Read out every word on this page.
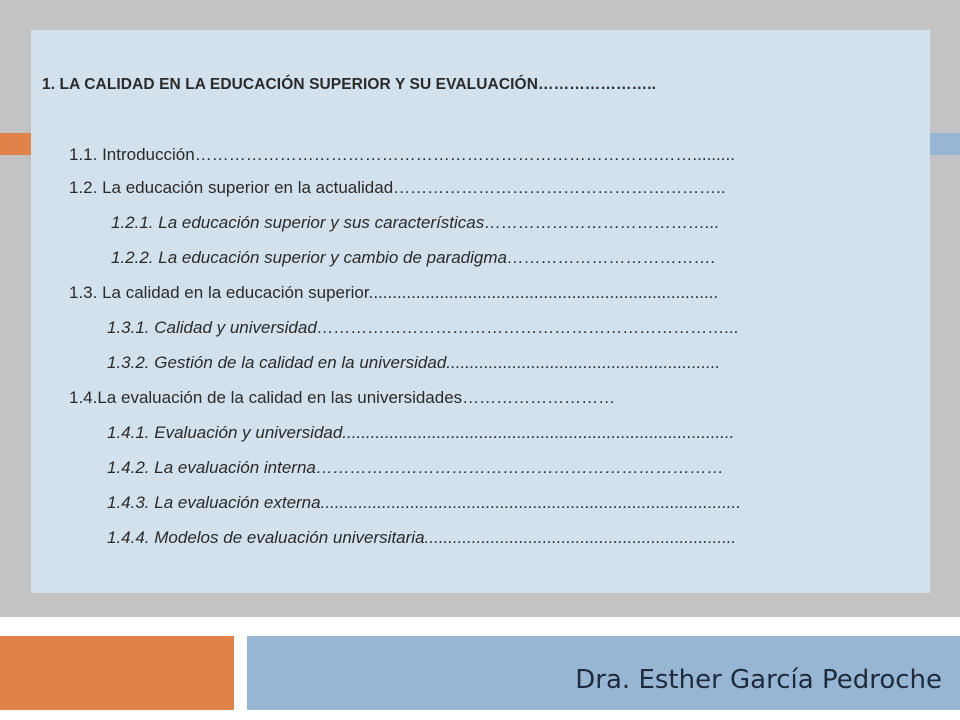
1. LA CALIDAD EN LA EDUCACIÓN SUPERIOR Y SU EVALUACIÓN…………………..
1.1. Introducción……………………………………………………………………….…….........
1.2. La educación superior en la actualidad…………………………………………………..
1.2.1. La educación superior y sus características…………………………………...
1.2.2. La educación superior y cambio de paradigma……………………………….
1.3. La calidad en la educación superior..........................................................................
1.3.1. Calidad y universidad………………………………………………………………...
1.3.2. Gestión de la calidad en la universidad..........................................................
1.4.La evaluación de la calidad en las universidades………………………
1.4.1. Evaluación y universidad...................................................................................
1.4.2. La evaluación interna………………………………………………………………
1.4.3. La evaluación externa.........................................................................................
1.4.4. Modelos de evaluación universitaria..................................................................
Dra. Esther García Pedroche
